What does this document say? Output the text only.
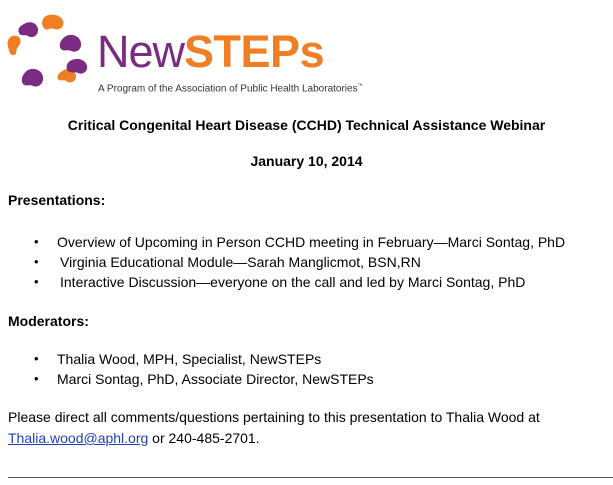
NewSTEPs
A Program of the Association of Public Health Laboratories™
Critical Congenital Heart Disease (CCHD) Technical Assistance Webinar
January 10, 2014
Presentations:
• Overview of Upcoming in Person CCHD meeting in February—Marci Sontag, PhD
• Virginia Educational Module—Sarah Manglicmot, BSN,RN
• Interactive Discussion—everyone on the call and led by Marci Sontag, PhD
Moderators:
• Thalia Wood, MPH, Specialist, NewSTEPs
• Marci Sontag, PhD, Associate Director, NewSTEPs
Please direct all comments/questions pertaining to this presentation to Thalia Wood at
Thalia.wood@aphl.org or 240-485-2701.
